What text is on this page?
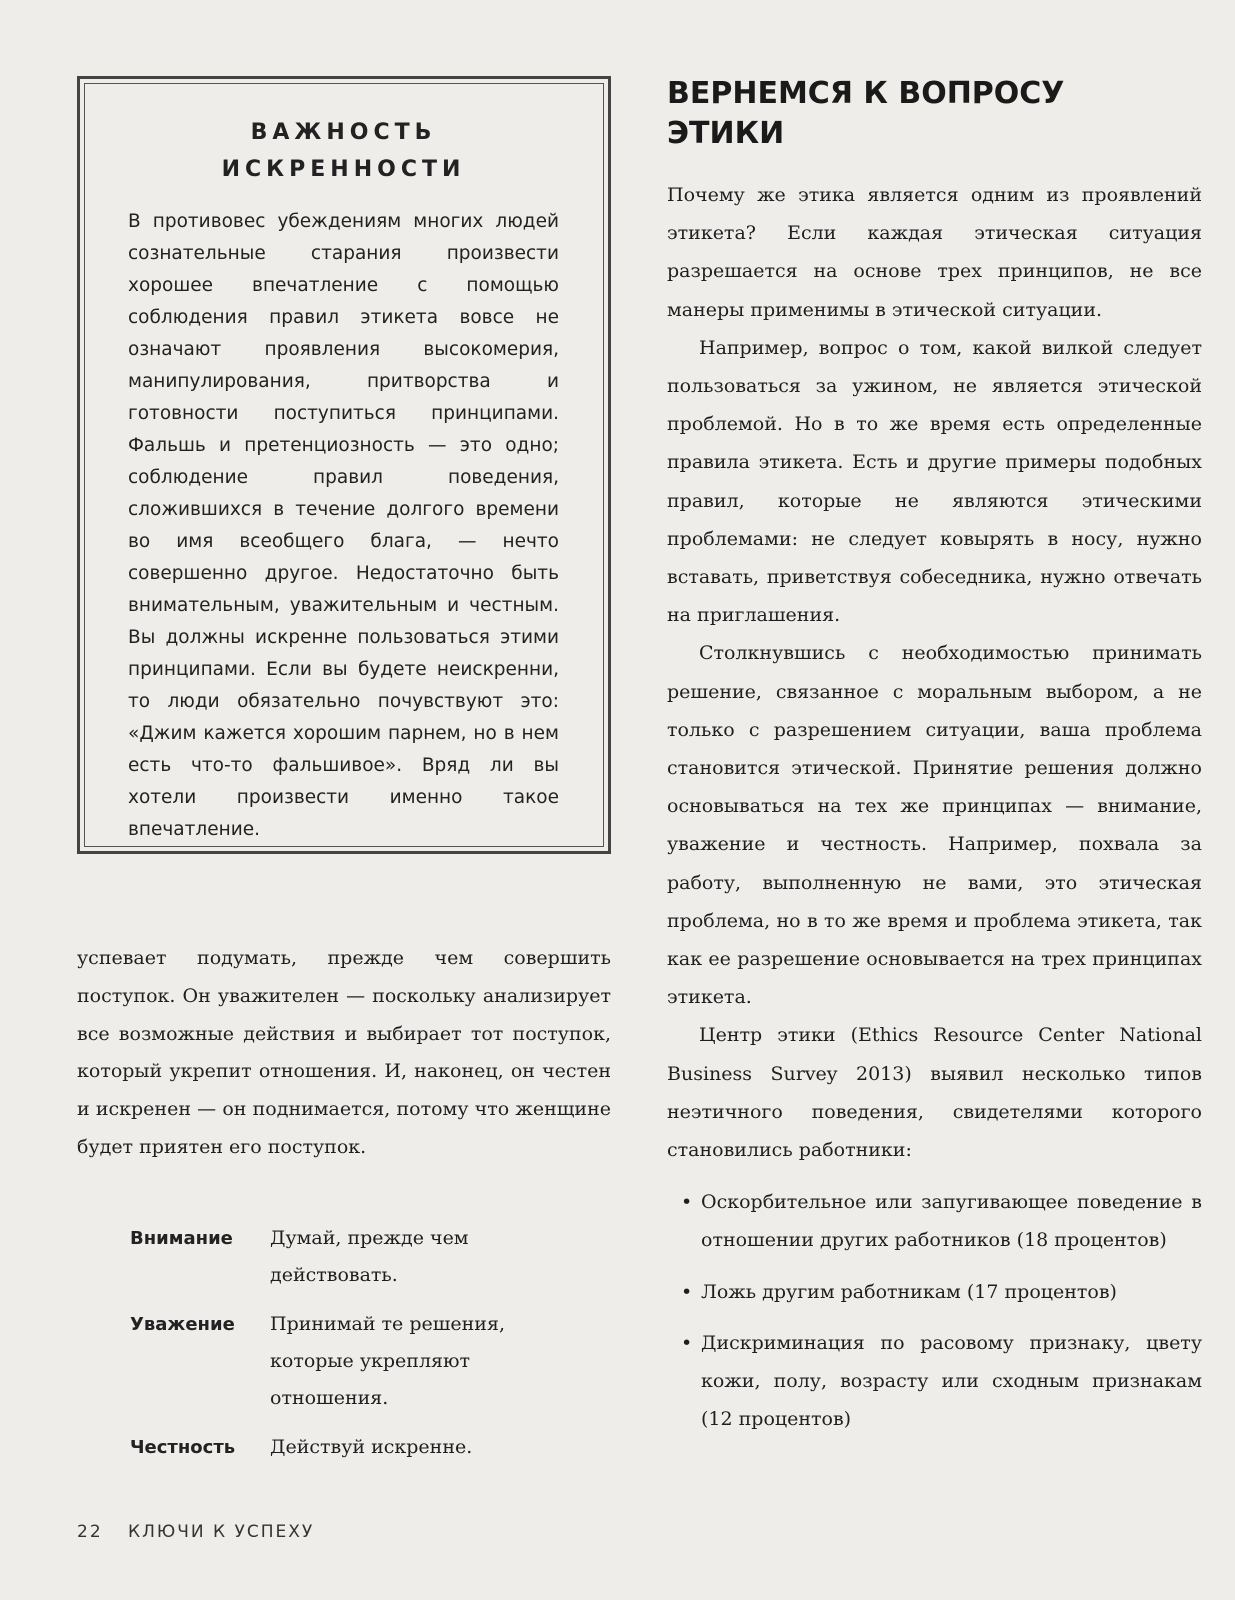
ВАЖНОСТЬ
ИСКРЕННОСТИ

В противовес убеждениям многих людей сознательные старания произвести хорошее впечатление с помощью соблюдения правил этикета вовсе не означают проявления высокомерия, манипулирования, притворства и готовности поступиться принципами. Фальшь и претенциозность — это одно; соблюдение правил поведения, сложившихся в течение долгого времени во имя всеобщего блага, — нечто совершенно другое. Недостаточно быть внимательным, уважительным и честным. Вы должны искренне пользоваться этими принципами. Если вы будете неискренни, то люди обязательно почувствуют это: «Джим кажется хорошим парнем, но в нем есть что-то фальшивое». Вряд ли вы хотели произвести именно такое впечатление.

успевает подумать, прежде чем совершить поступок. Он уважителен — поскольку анализирует все возможные действия и выбирает тот поступок, который укрепит отношения. И, наконец, он честен и искренен — он поднимается, потому что женщине будет приятен его поступок.

Внимание	Думай, прежде чем действовать.
Уважение	Принимай те решения, которые укрепляют отношения.
Честность	Действуй искренне.
22 КЛЮЧИ К УСПЕХУ
ВЕРНЕМСЯ К ВОПРОСУ
ЭТИКИ

Почему же этика является одним из проявлений этикета? Если каждая этическая ситуация разрешается на основе трех принципов, не все манеры применимы в этической ситуации.

Например, вопрос о том, какой вилкой следует пользоваться за ужином, не является этической проблемой. Но в то же время есть определенные правила этикета. Есть и другие примеры подобных правил, которые не являются этическими проблемами: не следует ковырять в носу, нужно вставать, приветствуя собеседника, нужно отвечать на приглашения.

Столкнувшись с необходимостью принимать решение, связанное с моральным выбором, а не только с разрешением ситуации, ваша проблема становится этической. Принятие решения должно основываться на тех же принципах — внимание, уважение и честность. Например, похвала за работу, выполненную не вами, это этическая проблема, но в то же время и проблема этикета, так как ее разрешение основывается на трех принципах этикета.

Центр этики (Ethics Resource Center National Business Survey 2013) выявил несколько типов неэтичного поведения, свидетелями которого становились работники:

• Оскорбительное или запугивающее поведение в отношении других работников (18 процентов)
• Ложь другим работникам (17 процентов)
• Дискриминация по расовому признаку, цвету кожи, полу, возрасту или сходным признакам (12 процентов)
